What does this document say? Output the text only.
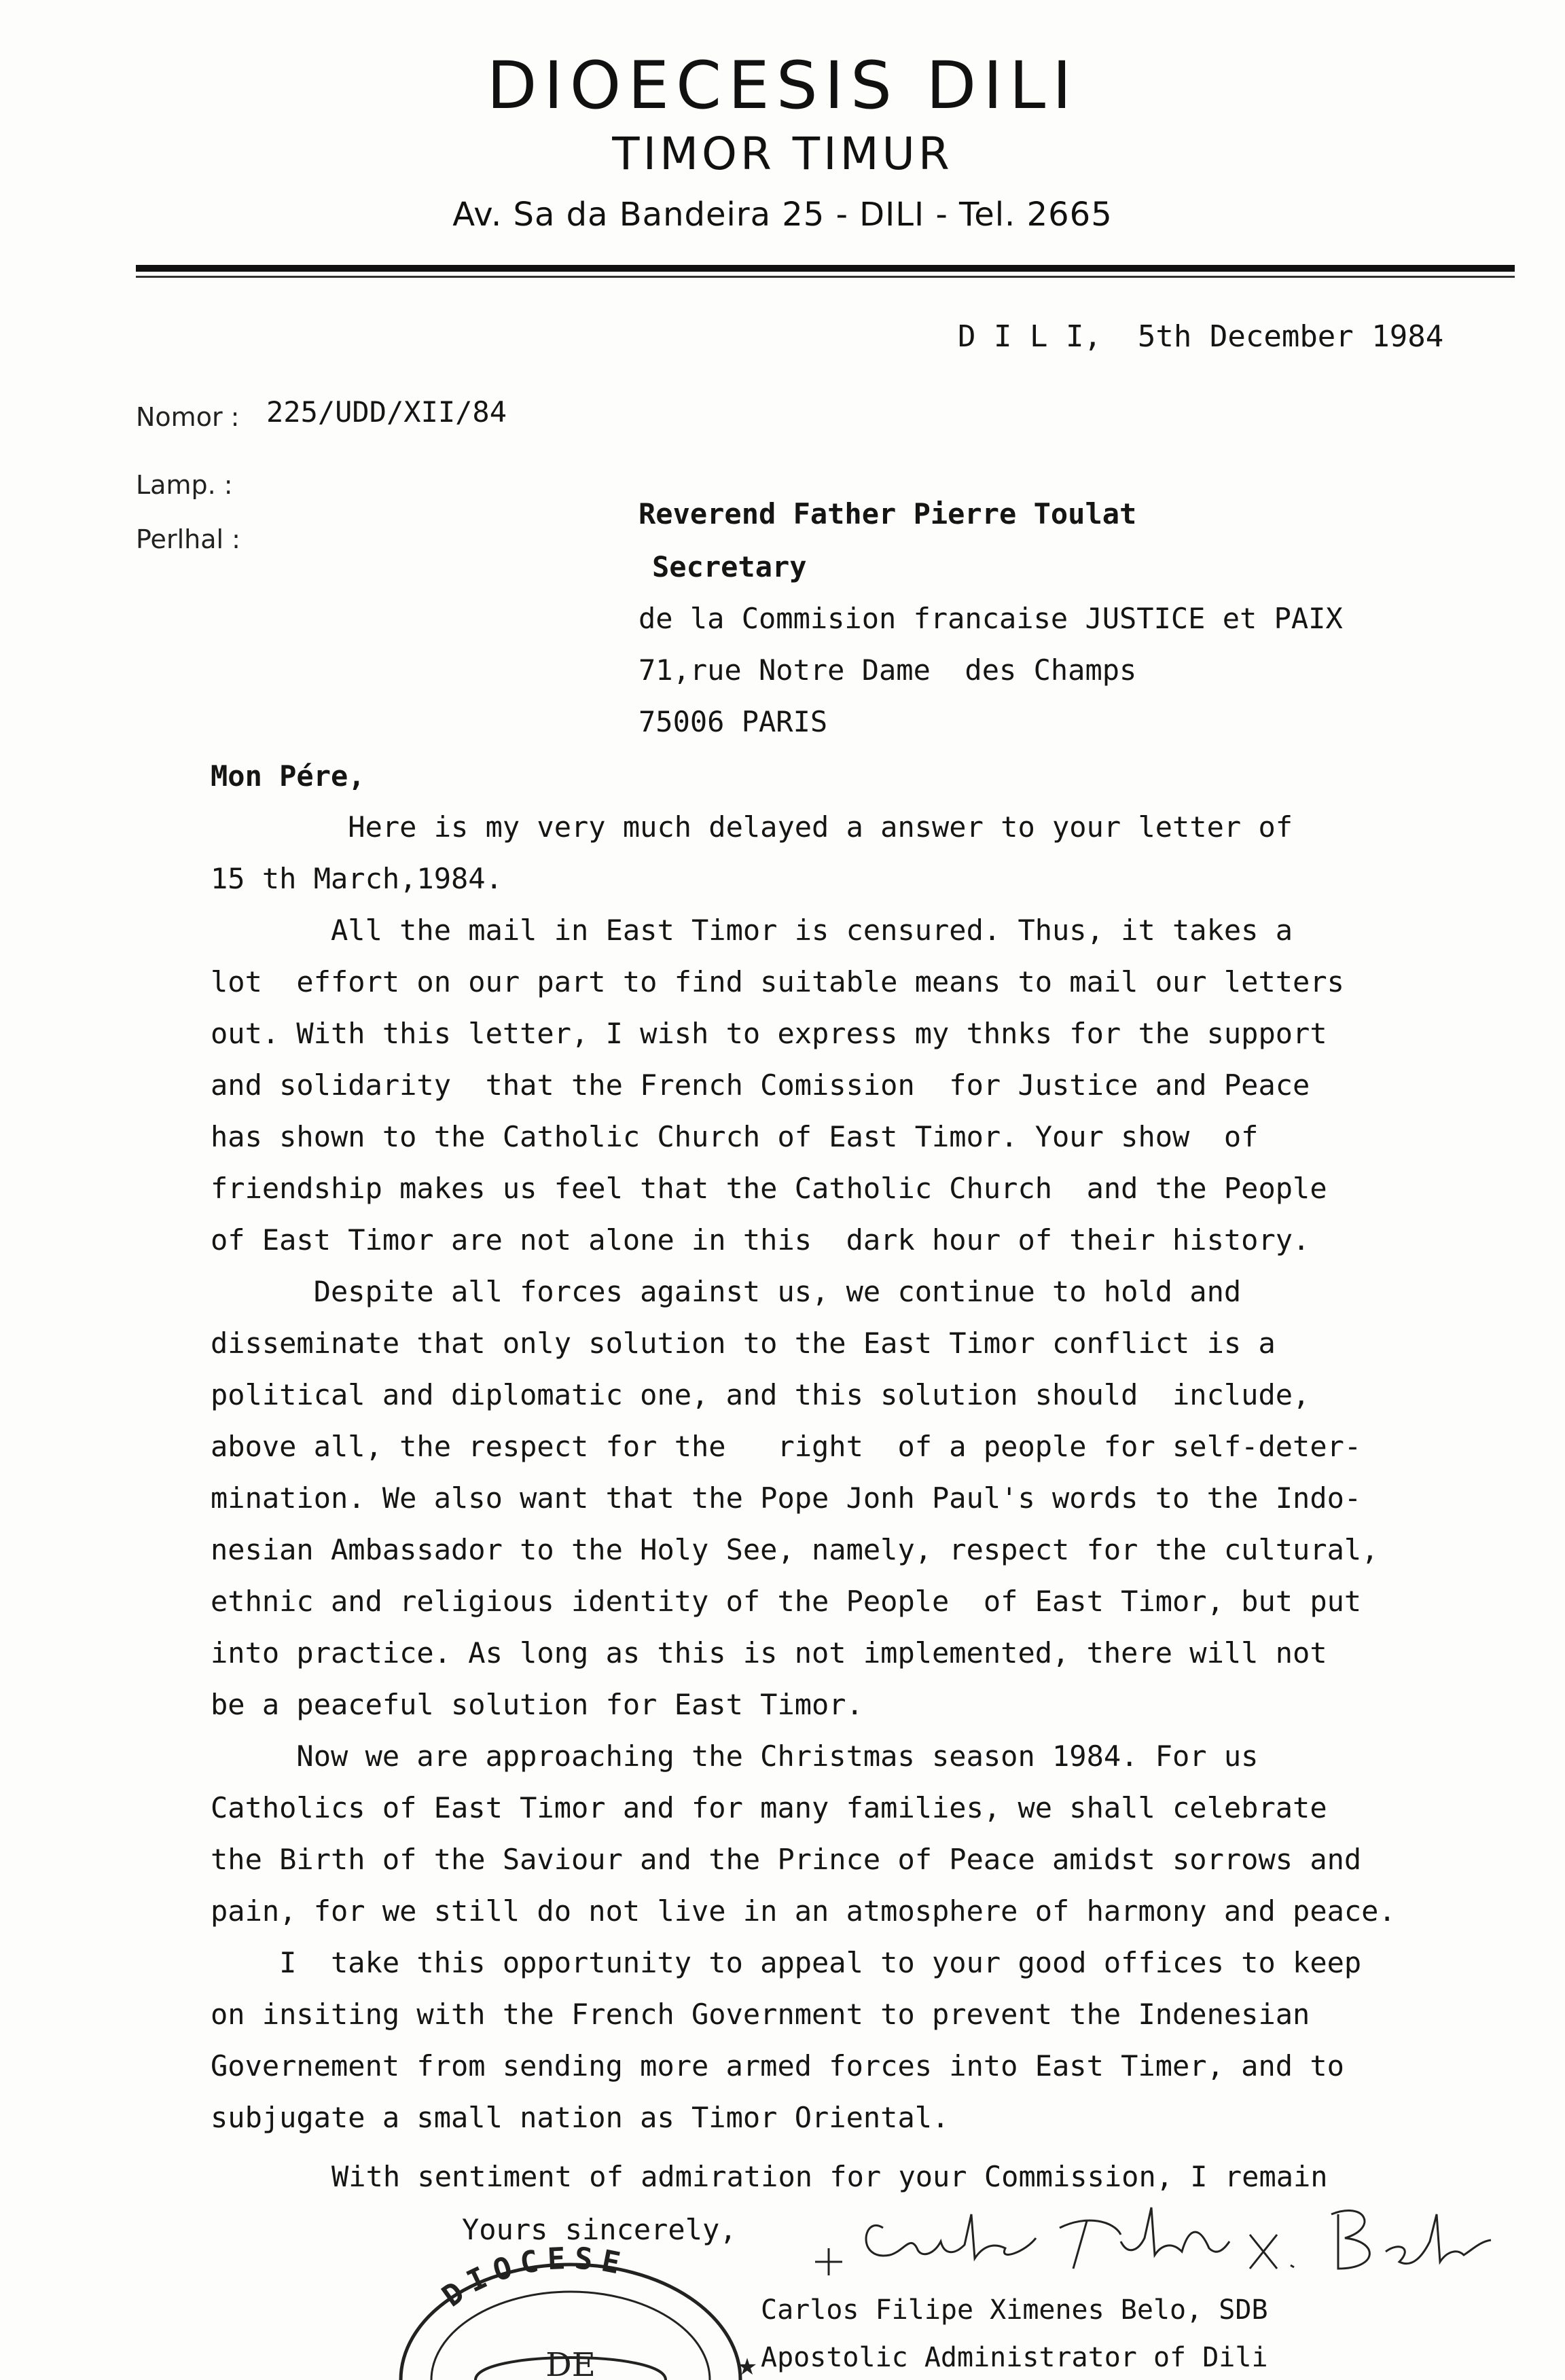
DIOECESIS DILI
TIMOR TIMUR
Av. Sa da Bandeira 25 - DILI - Tel. 2665
D I L I,  5th December 1984
Nomor : 225/UDD/XII/84
Lamp. :
Perlhal :
Reverend Father Pierre Toulat
Secretary
de la Commision francaise JUSTICE et PAIX
71,rue Notre Dame  des Champs
75006 PARIS
Mon Pére,
Here is my very much delayed a answer to your letter of
15 th March,1984.
All the mail in East Timor is censured. Thus, it takes a
lot  effort on our part to find suitable means to mail our letters
out. With this letter, I wish to express my thnks for the support
and solidarity  that the French Comission  for Justice and Peace
has shown to the Catholic Church of East Timor. Your show  of
friendship makes us feel that the Catholic Church  and the People
of East Timor are not alone in this  dark hour of their history.
Despite all forces against us, we continue to hold and
disseminate that only solution to the East Timor conflict is a
political and diplomatic one, and this solution should  include,
above all, the respect for the   right  of a people for self-deter-
mination. We also want that the Pope Jonh Paul's words to the Indo-
nesian Ambassador to the Holy See, namely, respect for the cultural,
ethnic and religious identity of the People  of East Timor, but put
into practice. As long as this is not implemented, there will not
be a peaceful solution for East Timor.
Now we are approaching the Christmas season 1984. For us
Catholics of East Timor and for many families, we shall celebrate
the Birth of the Saviour and the Prince of Peace amidst sorrows and
pain, for we still do not live in an atmosphere of harmony and peace.
I  take this opportunity to appeal to your good offices to keep
on insiting with the French Government to prevent the Indenesian
Governement from sending more armed forces into East Timer, and to
subjugate a small nation as Timor Oriental.
With sentiment of admiration for your Commission, I remain
Yours sincerely,
DIOCESE
DE	★
Carlos Filipe Ximenes Belo, SDB
Apostolic Administrator of Dili
